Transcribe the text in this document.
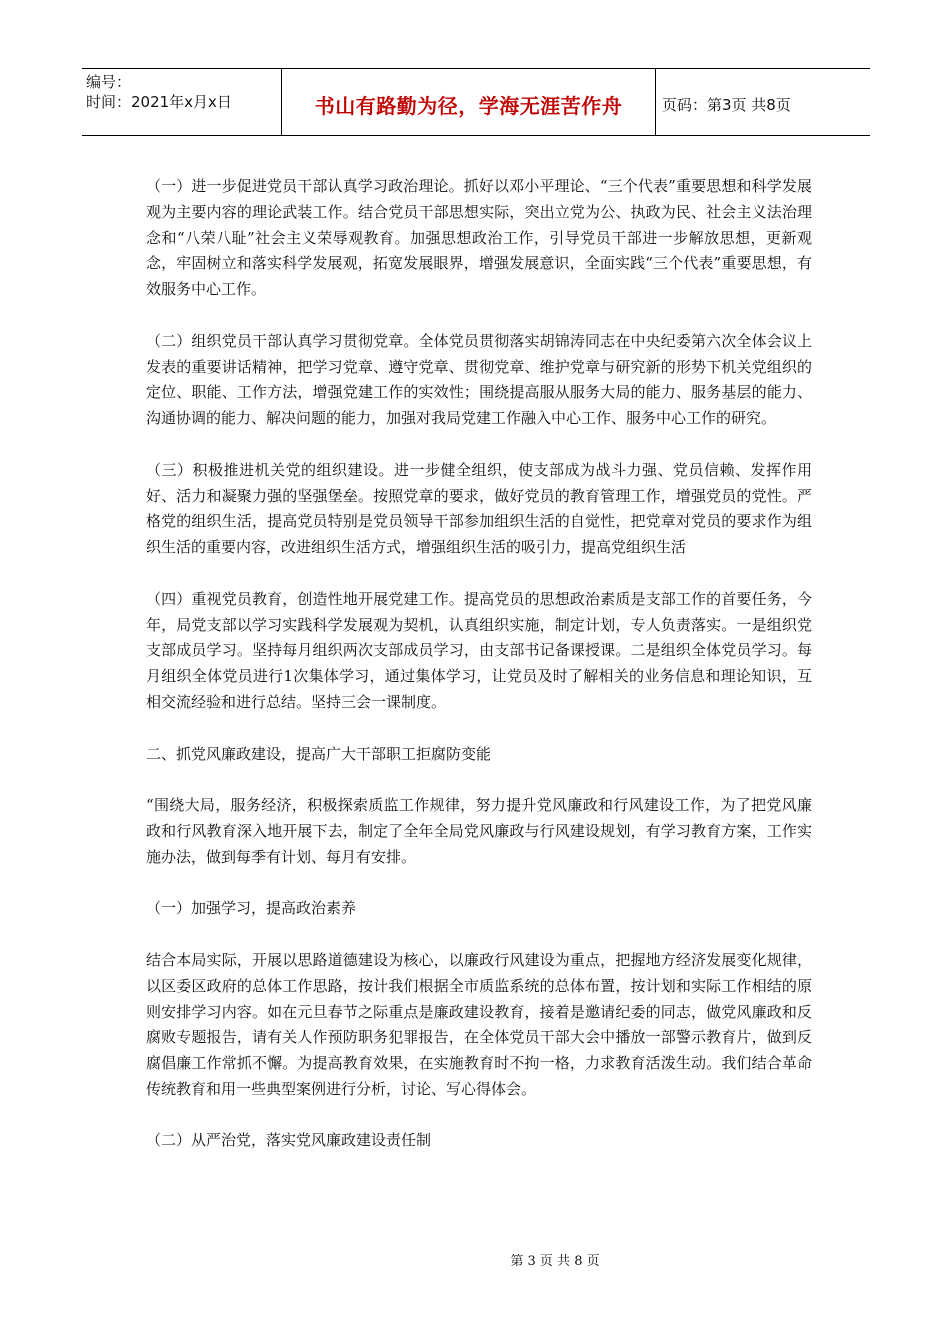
编号：
时间：2021年x月x日	书山有路勤为径，学海无涯苦作舟	页码：第3页 共8页

（一）进一步促进党员干部认真学习政治理论。抓好以邓小平理论、“三个代表”重要思想和科学发展观为主要内容的理论武装工作。结合党员干部思想实际，突出立党为公、执政为民、社会主义法治理念和“八荣八耻”社会主义荣辱观教育。加强思想政治工作，引导党员干部进一步解放思想，更新观念，牢固树立和落实科学发展观，拓宽发展眼界，增强发展意识，全面实践“三个代表”重要思想，有效服务中心工作。

（二）组织党员干部认真学习贯彻党章。全体党员贯彻落实胡锦涛同志在中央纪委第六次全体会议上发表的重要讲话精神，把学习党章、遵守党章、贯彻党章、维护党章与研究新的形势下机关党组织的定位、职能、工作方法，增强党建工作的实效性；围绕提高服从服务大局的能力、服务基层的能力、沟通协调的能力、解决问题的能力，加强对我局党建工作融入中心工作、服务中心工作的研究。

（三）积极推进机关党的组织建设。进一步健全组织，使支部成为战斗力强、党员信赖、发挥作用好、活力和凝聚力强的坚强堡垒。按照党章的要求，做好党员的教育管理工作，增强党员的党性。严格党的组织生活，提高党员特别是党员领导干部参加组织生活的自觉性，把党章对党员的要求作为组织生活的重要内容，改进组织生活方式，增强组织生活的吸引力，提高党组织生活

（四）重视党员教育，创造性地开展党建工作。提高党员的思想政治素质是支部工作的首要任务，今年，局党支部以学习实践科学发展观为契机，认真组织实施，制定计划，专人负责落实。一是组织党支部成员学习。坚持每月组织两次支部成员学习，由支部书记备课授课。二是组织全体党员学习。每月组织全体党员进行1次集体学习，通过集体学习，让党员及时了解相关的业务信息和理论知识，互相交流经验和进行总结。坚持三会一课制度。

二、抓党风廉政建设，提高广大干部职工拒腐防变能

“围绕大局，服务经济，积极探索质监工作规律，努力提升党风廉政和行风建设工作，为了把党风廉政和行风教育深入地开展下去，制定了全年全局党风廉政与行风建设规划，有学习教育方案，工作实施办法，做到每季有计划、每月有安排。

（一）加强学习，提高政治素养

结合本局实际，开展以思路道德建设为核心，以廉政行风建设为重点，把握地方经济发展变化规律，以区委区政府的总体工作思路，按计我们根据全市质监系统的总体布置，按计划和实际工作相结的原则安排学习内容。如在元旦春节之际重点是廉政建设教育，接着是邀请纪委的同志，做党风廉政和反腐败专题报告，请有关人作预防职务犯罪报告，在全体党员干部大会中播放一部警示教育片，做到反腐倡廉工作常抓不懈。为提高教育效果，在实施教育时不拘一格，力求教育活泼生动。我们结合革命传统教育和用一些典型案例进行分析，讨论、写心得体会。

（二）从严治党，落实党风廉政建设责任制

第 3 页 共 8 页
